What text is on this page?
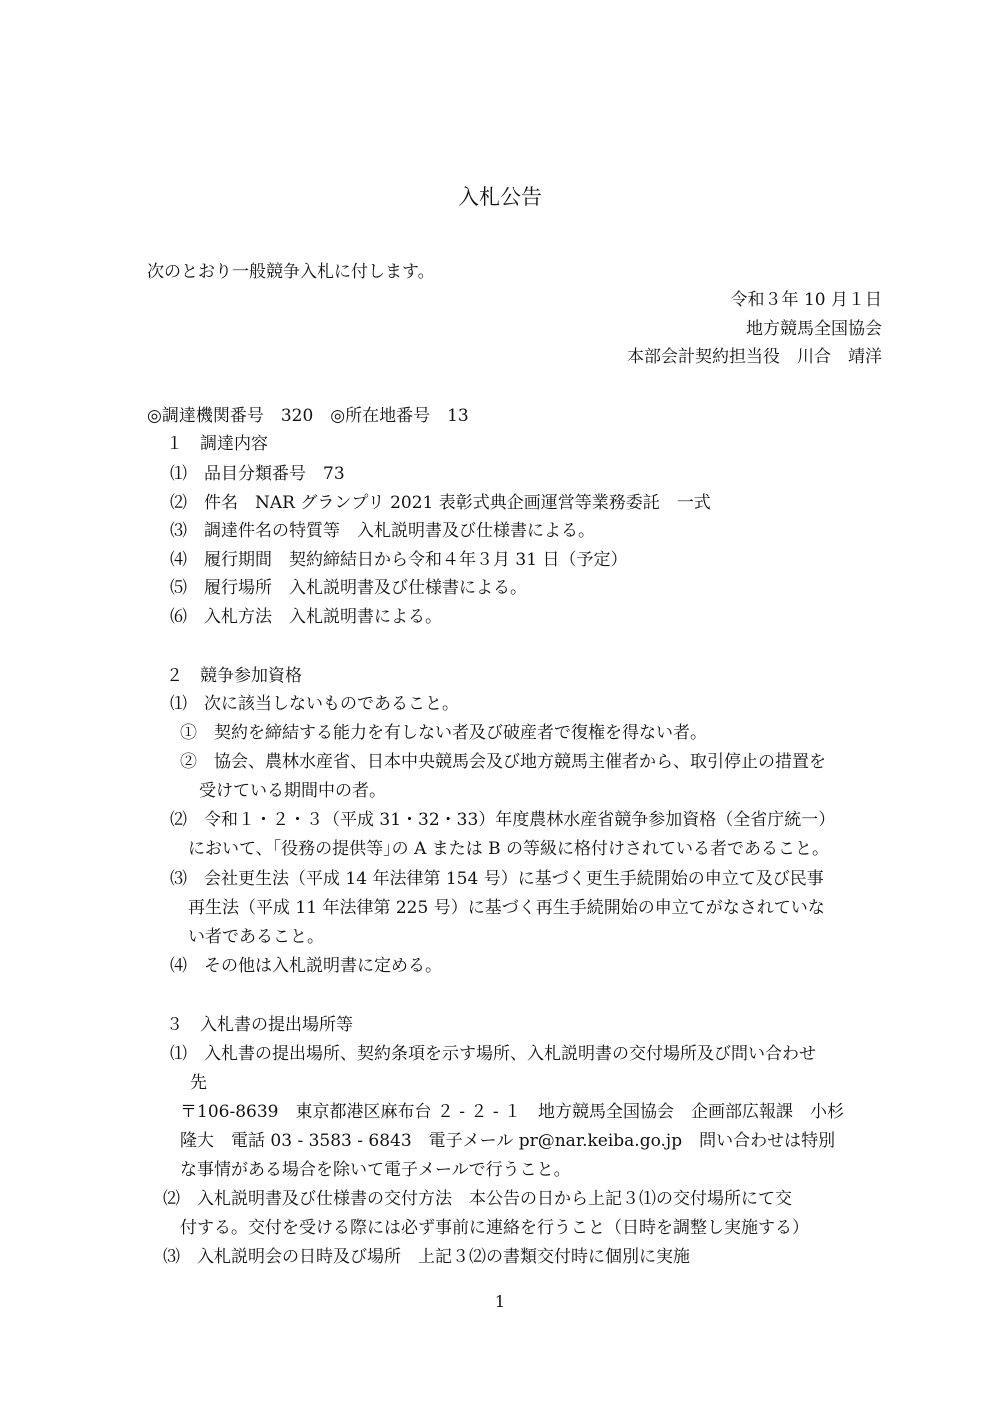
入札公告
次のとおり一般競争入札に付します。
令和３年 10 月１日
地方競馬全国協会
本部会計契約担当役　川合　靖洋
◎調達機関番号　320　◎所在地番号　13
１　調達内容
⑴　品目分類番号　73
⑵　件名　NAR グランプリ 2021 表彰式典企画運営等業務委託　一式
⑶　調達件名の特質等　入札説明書及び仕様書による。
⑷　履行期間　契約締結日から令和４年３月 31 日（予定）
⑸　履行場所　入札説明書及び仕様書による。
⑹　入札方法　入札説明書による。
２　競争参加資格
⑴　次に該当しないものであること。
①　契約を締結する能力を有しない者及び破産者で復権を得ない者。
②　協会、農林水産省、日本中央競馬会及び地方競馬主催者から、取引停止の措置を
受けている期間中の者。
⑵　令和１・２・３（平成 31・32・33）年度農林水産省競争参加資格（全省庁統一）
において、｢役務の提供等｣の A または B の等級に格付けされている者であること。
⑶　会社更生法（平成 14 年法律第 154 号）に基づく更生手続開始の申立て及び民事
再生法（平成 11 年法律第 225 号）に基づく再生手続開始の申立てがなされていな
い者であること。
⑷　その他は入札説明書に定める。
３　入札書の提出場所等
⑴　入札書の提出場所、契約条項を示す場所、入札説明書の交付場所及び問い合わせ
先
〒106-8639　東京都港区麻布台 ２ - ２ - １　地方競馬全国協会　企画部広報課　小杉
隆大　電話 03 - 3583 - 6843　電子メール pr@nar.keiba.go.jp　問い合わせは特別
な事情がある場合を除いて電子メールで行うこと。
⑵　入札説明書及び仕様書の交付方法　本公告の日から上記３⑴の交付場所にて交
付する。交付を受ける際には必ず事前に連絡を行うこと（日時を調整し実施する）
⑶　入札説明会の日時及び場所　上記３⑵の書類交付時に個別に実施
1
